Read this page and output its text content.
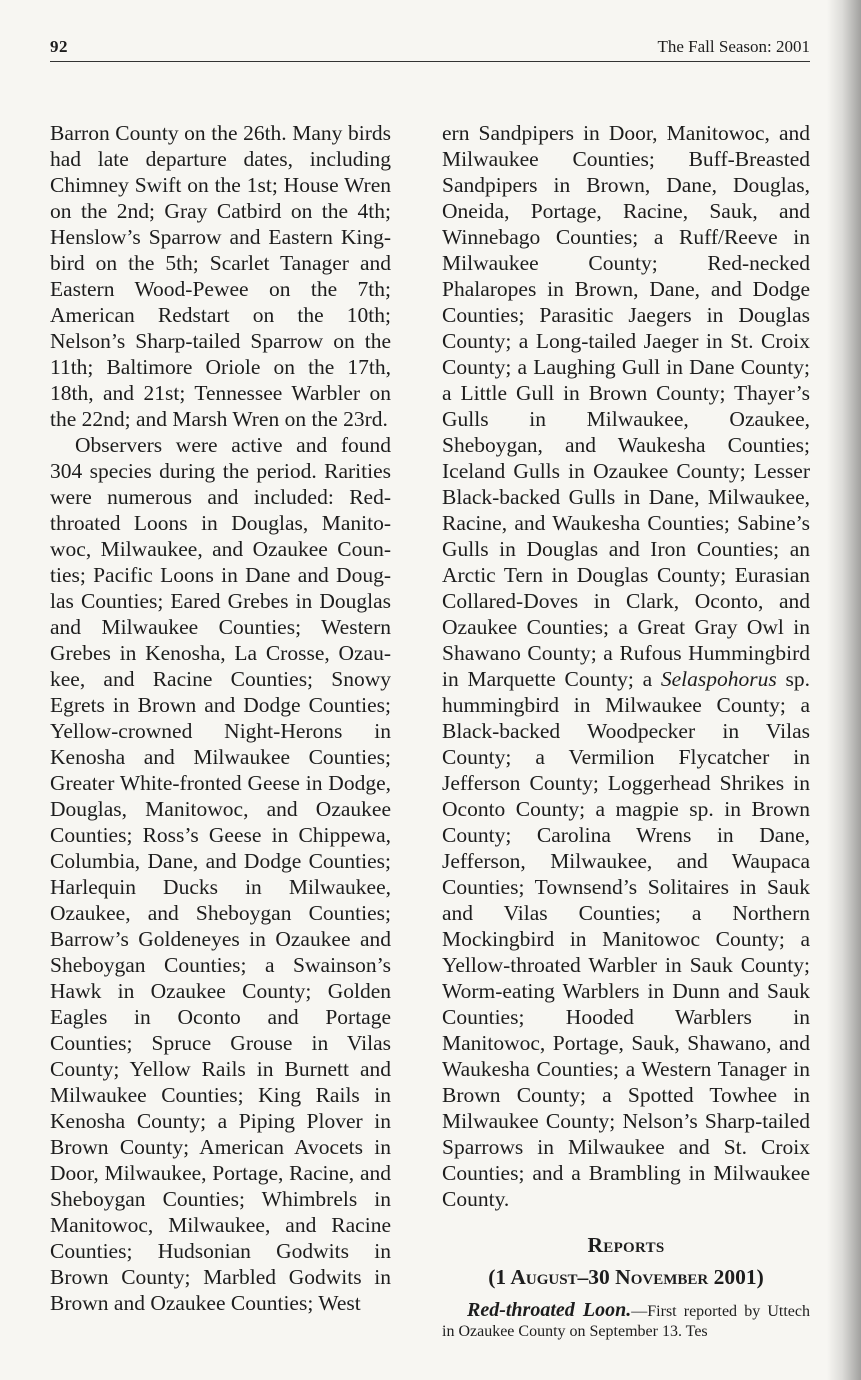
92	The Fall Season: 2001

Barron County on the 26th. Many birds had late departure dates, including Chimney Swift on the 1st; House Wren on the 2nd; Gray Catbird on the 4th; Henslow’s Sparrow and Eastern Kingbird on the 5th; Scarlet Tanager and Eastern Wood-Pewee on the 7th; American Redstart on the 10th; Nelson’s Sharp-tailed Sparrow on the 11th; Baltimore Oriole on the 17th, 18th, and 21st; Tennessee Warbler on the 22nd; and Marsh Wren on the 23rd.

Observers were active and found 304 species during the period. Rarities were numerous and included: Red-throated Loons in Douglas, Manitowoc, Milwaukee, and Ozaukee Counties; Pacific Loons in Dane and Douglas Counties; Eared Grebes in Douglas and Milwaukee Counties; Western Grebes in Kenosha, La Crosse, Ozaukee, and Racine Counties; Snowy Egrets in Brown and Dodge Counties; Yellow-crowned Night-Herons in Kenosha and Milwaukee Counties; Greater White-fronted Geese in Dodge, Douglas, Manitowoc, and Ozaukee Counties; Ross’s Geese in Chippewa, Columbia, Dane, and Dodge Counties; Harlequin Ducks in Milwaukee, Ozaukee, and Sheboygan Counties; Barrow’s Goldeneyes in Ozaukee and Sheboygan Counties; a Swainson’s Hawk in Ozaukee County; Golden Eagles in Oconto and Portage Counties; Spruce Grouse in Vilas County; Yellow Rails in Burnett and Milwaukee Counties; King Rails in Kenosha County; a Piping Plover in Brown County; American Avocets in Door, Milwaukee, Portage, Racine, and Sheboygan Counties; Whimbrels in Manitowoc, Milwaukee, and Racine Counties; Hudsonian Godwits in Brown County; Marbled Godwits in Brown and Ozaukee Counties; West

ern Sandpipers in Door, Manitowoc, and Milwaukee Counties; Buff-Breasted Sandpipers in Brown, Dane, Douglas, Oneida, Portage, Racine, Sauk, and Winnebago Counties; a Ruff/Reeve in Milwaukee County; Red-necked Phalaropes in Brown, Dane, and Dodge Counties; Parasitic Jaegers in Douglas County; a Long-tailed Jaeger in St. Croix County; a Laughing Gull in Dane County; a Little Gull in Brown County; Thayer’s Gulls in Milwaukee, Ozaukee, Sheboygan, and Waukesha Counties; Iceland Gulls in Ozaukee County; Lesser Black-backed Gulls in Dane, Milwaukee, Racine, and Waukesha Counties; Sabine’s Gulls in Douglas and Iron Counties; an Arctic Tern in Douglas County; Eurasian Collared-Doves in Clark, Oconto, and Ozaukee Counties; a Great Gray Owl in Shawano County; a Rufous Hummingbird in Marquette County; a Selaspohorus sp. hummingbird in Milwaukee County; a Black-backed Woodpecker in Vilas County; a Vermilion Flycatcher in Jefferson County; Loggerhead Shrikes in Oconto County; a magpie sp. in Brown County; Carolina Wrens in Dane, Jefferson, Milwaukee, and Waupaca Counties; Townsend’s Solitaires in Sauk and Vilas Counties; a Northern Mockingbird in Manitowoc County; a Yellow-throated Warbler in Sauk County; Worm-eating Warblers in Dunn and Sauk Counties; Hooded Warblers in Manitowoc, Portage, Sauk, Shawano, and Waukesha Counties; a Western Tanager in Brown County; a Spotted Towhee in Milwaukee County; Nelson’s Sharp-tailed Sparrows in Milwaukee and St. Croix Counties; and a Brambling in Milwaukee County.

Reports
(1 August–30 November 2001)

Red-throated Loon.—First reported by Uttech in Ozaukee County on September 13. Tes
